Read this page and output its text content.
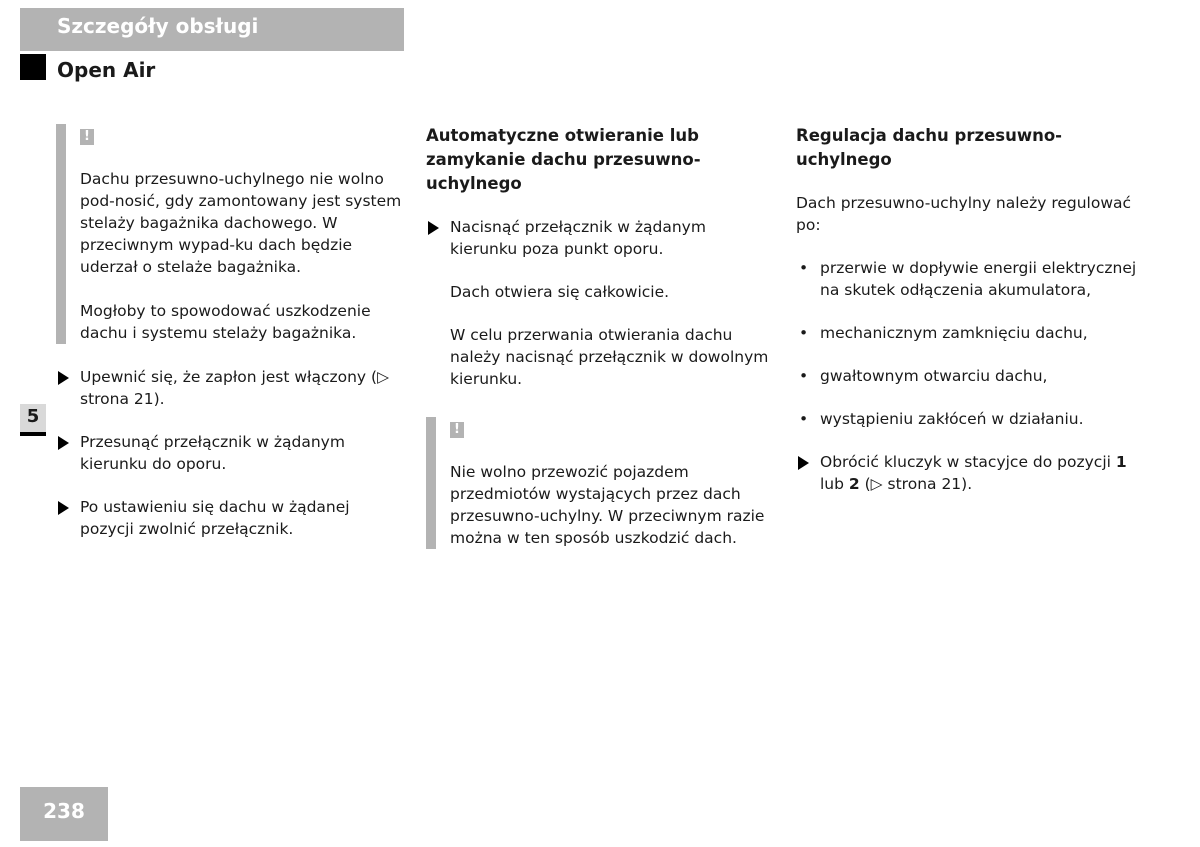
Szczegóły obsługi
Open Air
!

Dachu przesuwno-uchylnego nie wolno pod-nosić, gdy zamontowany jest system stelaży bagażnika dachowego. W przeciwnym wypad-ku dach będzie uderzał o stelaże bagażnika.

Mogłoby to spowodować uszkodzenie dachu i systemu stelaży bagażnika.

Upewnić się, że zapłon jest włączony (▷ strona 21).
Przesunąć przełącznik w żądanym kierunku do oporu.
Po ustawieniu się dachu w żądanej pozycji zwolnić przełącznik.
Automatyczne otwieranie lub zamykanie dachu przesuwno-uchylnego
Nacisnąć przełącznik w żądanym kierunku poza punkt oporu.

Dach otwiera się całkowicie.

W celu przerwania otwierania dachu należy nacisnąć przełącznik w dowolnym kierunku.

!

Nie wolno przewozić pojazdem przedmiotów wystających przez dach przesuwno-uchylny. W przeciwnym razie można w ten sposób uszkodzić dach.

Regulacja dachu przesuwno-uchylnego

Dach przesuwno-uchylny należy regulować po:

• przerwie w dopływie energii elektrycznej na skutek odłączenia akumulatora,
• mechanicznym zamknięciu dachu,
• gwałtownym otwarciu dachu,
• wystąpieniu zakłóceń w działaniu.
Obrócić kluczyk w stacyjce do pozycji 1 lub 2 (▷ strona 21).
5
238
